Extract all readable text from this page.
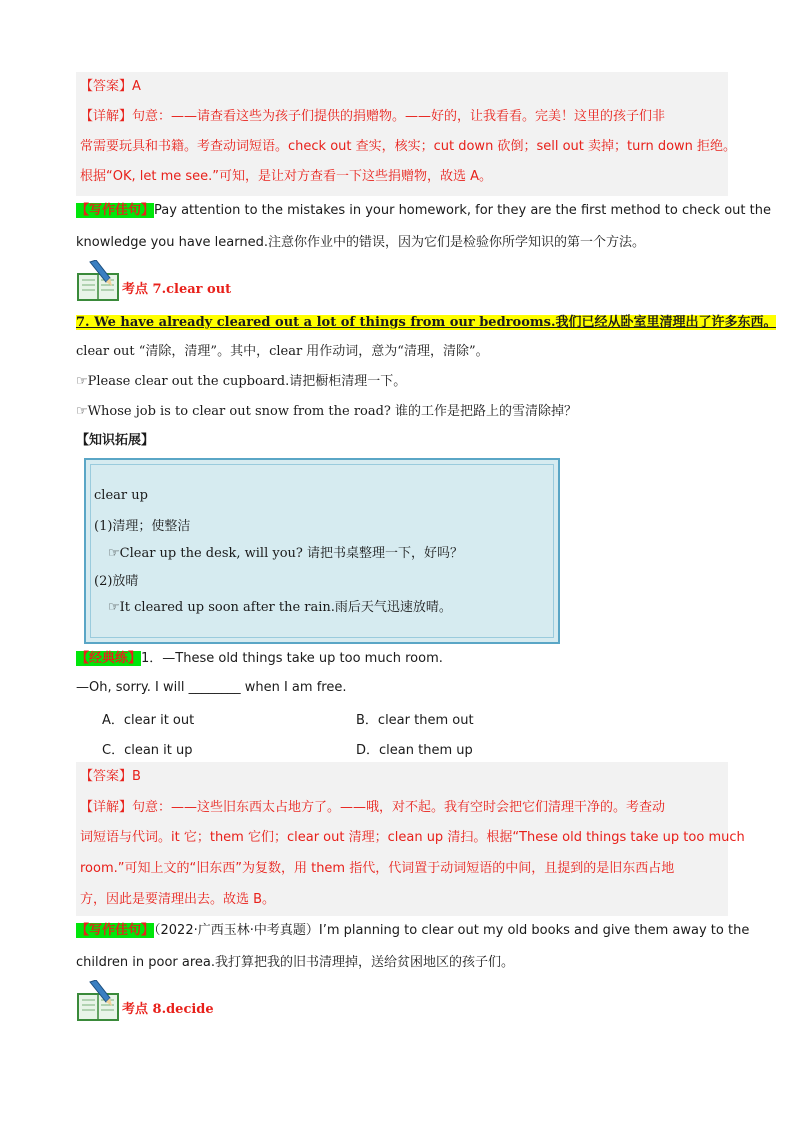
【答案】A
【详解】句意：——请查看这些为孩子们提供的捐赠物。——好的，让我看看。完美！这里的孩子们非
常需要玩具和书籍。考查动词短语。check out 查实，核实；cut down 砍倒；sell out 卖掉；turn down 拒绝。
根据“OK, let me see.”可知，是让对方查看一下这些捐赠物，故选 A。
【写作佳句】Pay attention to the mistakes in your homework, for they are the first method to check out the
knowledge you have learned.注意你作业中的错误，因为它们是检验你所学知识的第一个方法。
考点 7.clear out
7. We have already cleared out a lot of things from our bedrooms.我们已经从卧室里清理出了许多东西。
clear out “清除，清理”。其中，clear 用作动词，意为“清理，清除”。
☞Please clear out the cupboard.请把橱柜清理一下。
☞Whose job is to clear out snow from the road? 谁的工作是把路上的雪清除掉？
【知识拓展】
clear up
(1)清理；使整洁
☞Clear up the desk, will you? 请把书桌整理一下，好吗？
(2)放晴
☞It cleared up soon after the rain.雨后天气迅速放晴。
【经典练】1．—These old things take up too much room.
—Oh, sorry. I will ________ when I am free.
A．clear it out	B．clear them out
C．clean it up	D．clean them up
【答案】B
【详解】句意：——这些旧东西太占地方了。——哦，对不起。我有空时会把它们清理干净的。考查动
词短语与代词。it 它；them 它们；clear out 清理；clean up 清扫。根据“These old things take up too much
room.”可知上文的“旧东西”为复数，用 them 指代，代词置于动词短语的中间，且提到的是旧东西占地
方，因此是要清理出去。故选 B。
【写作佳句】（2022·广西玉林·中考真题）I’m planning to clear out my old books and give them away to the
children in poor area.我打算把我的旧书清理掉，送给贫困地区的孩子们。
考点 8.decide
